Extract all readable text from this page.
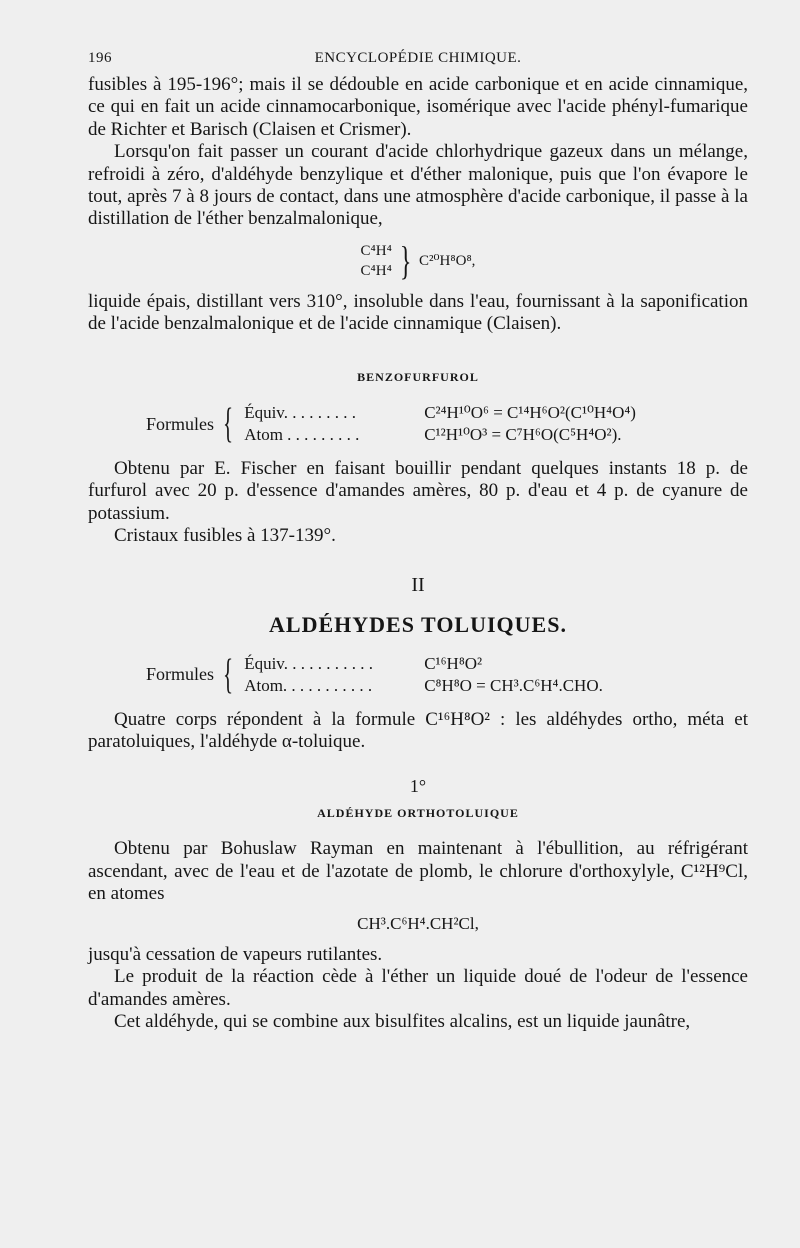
196	ENCYCLOPÉDIE CHIMIQUE.

fusibles à 195-196°; mais il se dédouble en acide carbonique et en acide cinnamique, ce qui en fait un acide cinnamocarbonique, isomérique avec l'acide phényl-fumarique de Richter et Barisch (Claisen et Crismer).

Lorsqu'on fait passer un courant d'acide chlorhydrique gazeux dans un mélange, refroidi à zéro, d'aldéhyde benzylique et d'éther malonique, puis que l'on évapore le tout, après 7 à 8 jours de contact, dans une atmosphère d'acide carbonique, il passe à la distillation de l'éther benzalmalonique,

C⁴H⁴
C⁴H⁴ } C²⁰H⁸O⁸,

liquide épais, distillant vers 310°, insoluble dans l'eau, fournissant à la saponification de l'acide benzalmalonique et de l'acide cinnamique (Claisen).

BENZOFURFUROL
Formules { Équiv. . . . . . . . .	C²⁴H¹⁰O⁶ = C¹⁴H⁶O²(C¹⁰H⁴O⁴)
Atom . . . . . . . . .	C¹²H¹⁰O³ = C⁷H⁶O(C⁵H⁴O²).

Obtenu par E. Fischer en faisant bouillir pendant quelques instants 18 p. de furfurol avec 20 p. d'essence d'amandes amères, 80 p. d'eau et 4 p. de cyanure de potassium.

Cristaux fusibles à 137-139°.

II
ALDÉHYDES TOLUIQUES.
Formules { Équiv. . . . . . . . . . .	C¹⁶H⁸O²
Atom. . . . . . . . . . .	C⁸H⁸O = CH³.C⁶H⁴.CHO.

Quatre corps répondent à la formule C¹⁶H⁸O² : les aldéhydes ortho, méta et paratoluiques, l'aldéhyde α-toluique.

1°
ALDÉHYDE ORTHOTOLUIQUE

Obtenu par Bohuslaw Rayman en maintenant à l'ébullition, au réfrigérant ascendant, avec de l'eau et de l'azotate de plomb, le chlorure d'orthoxylyle, C¹²H⁹Cl, en atomes

CH³.C⁶H⁴.CH²Cl,

jusqu'à cessation de vapeurs rutilantes.

Le produit de la réaction cède à l'éther un liquide doué de l'odeur de l'essence d'amandes amères.

Cet aldéhyde, qui se combine aux bisulfites alcalins, est un liquide jaunâtre,
